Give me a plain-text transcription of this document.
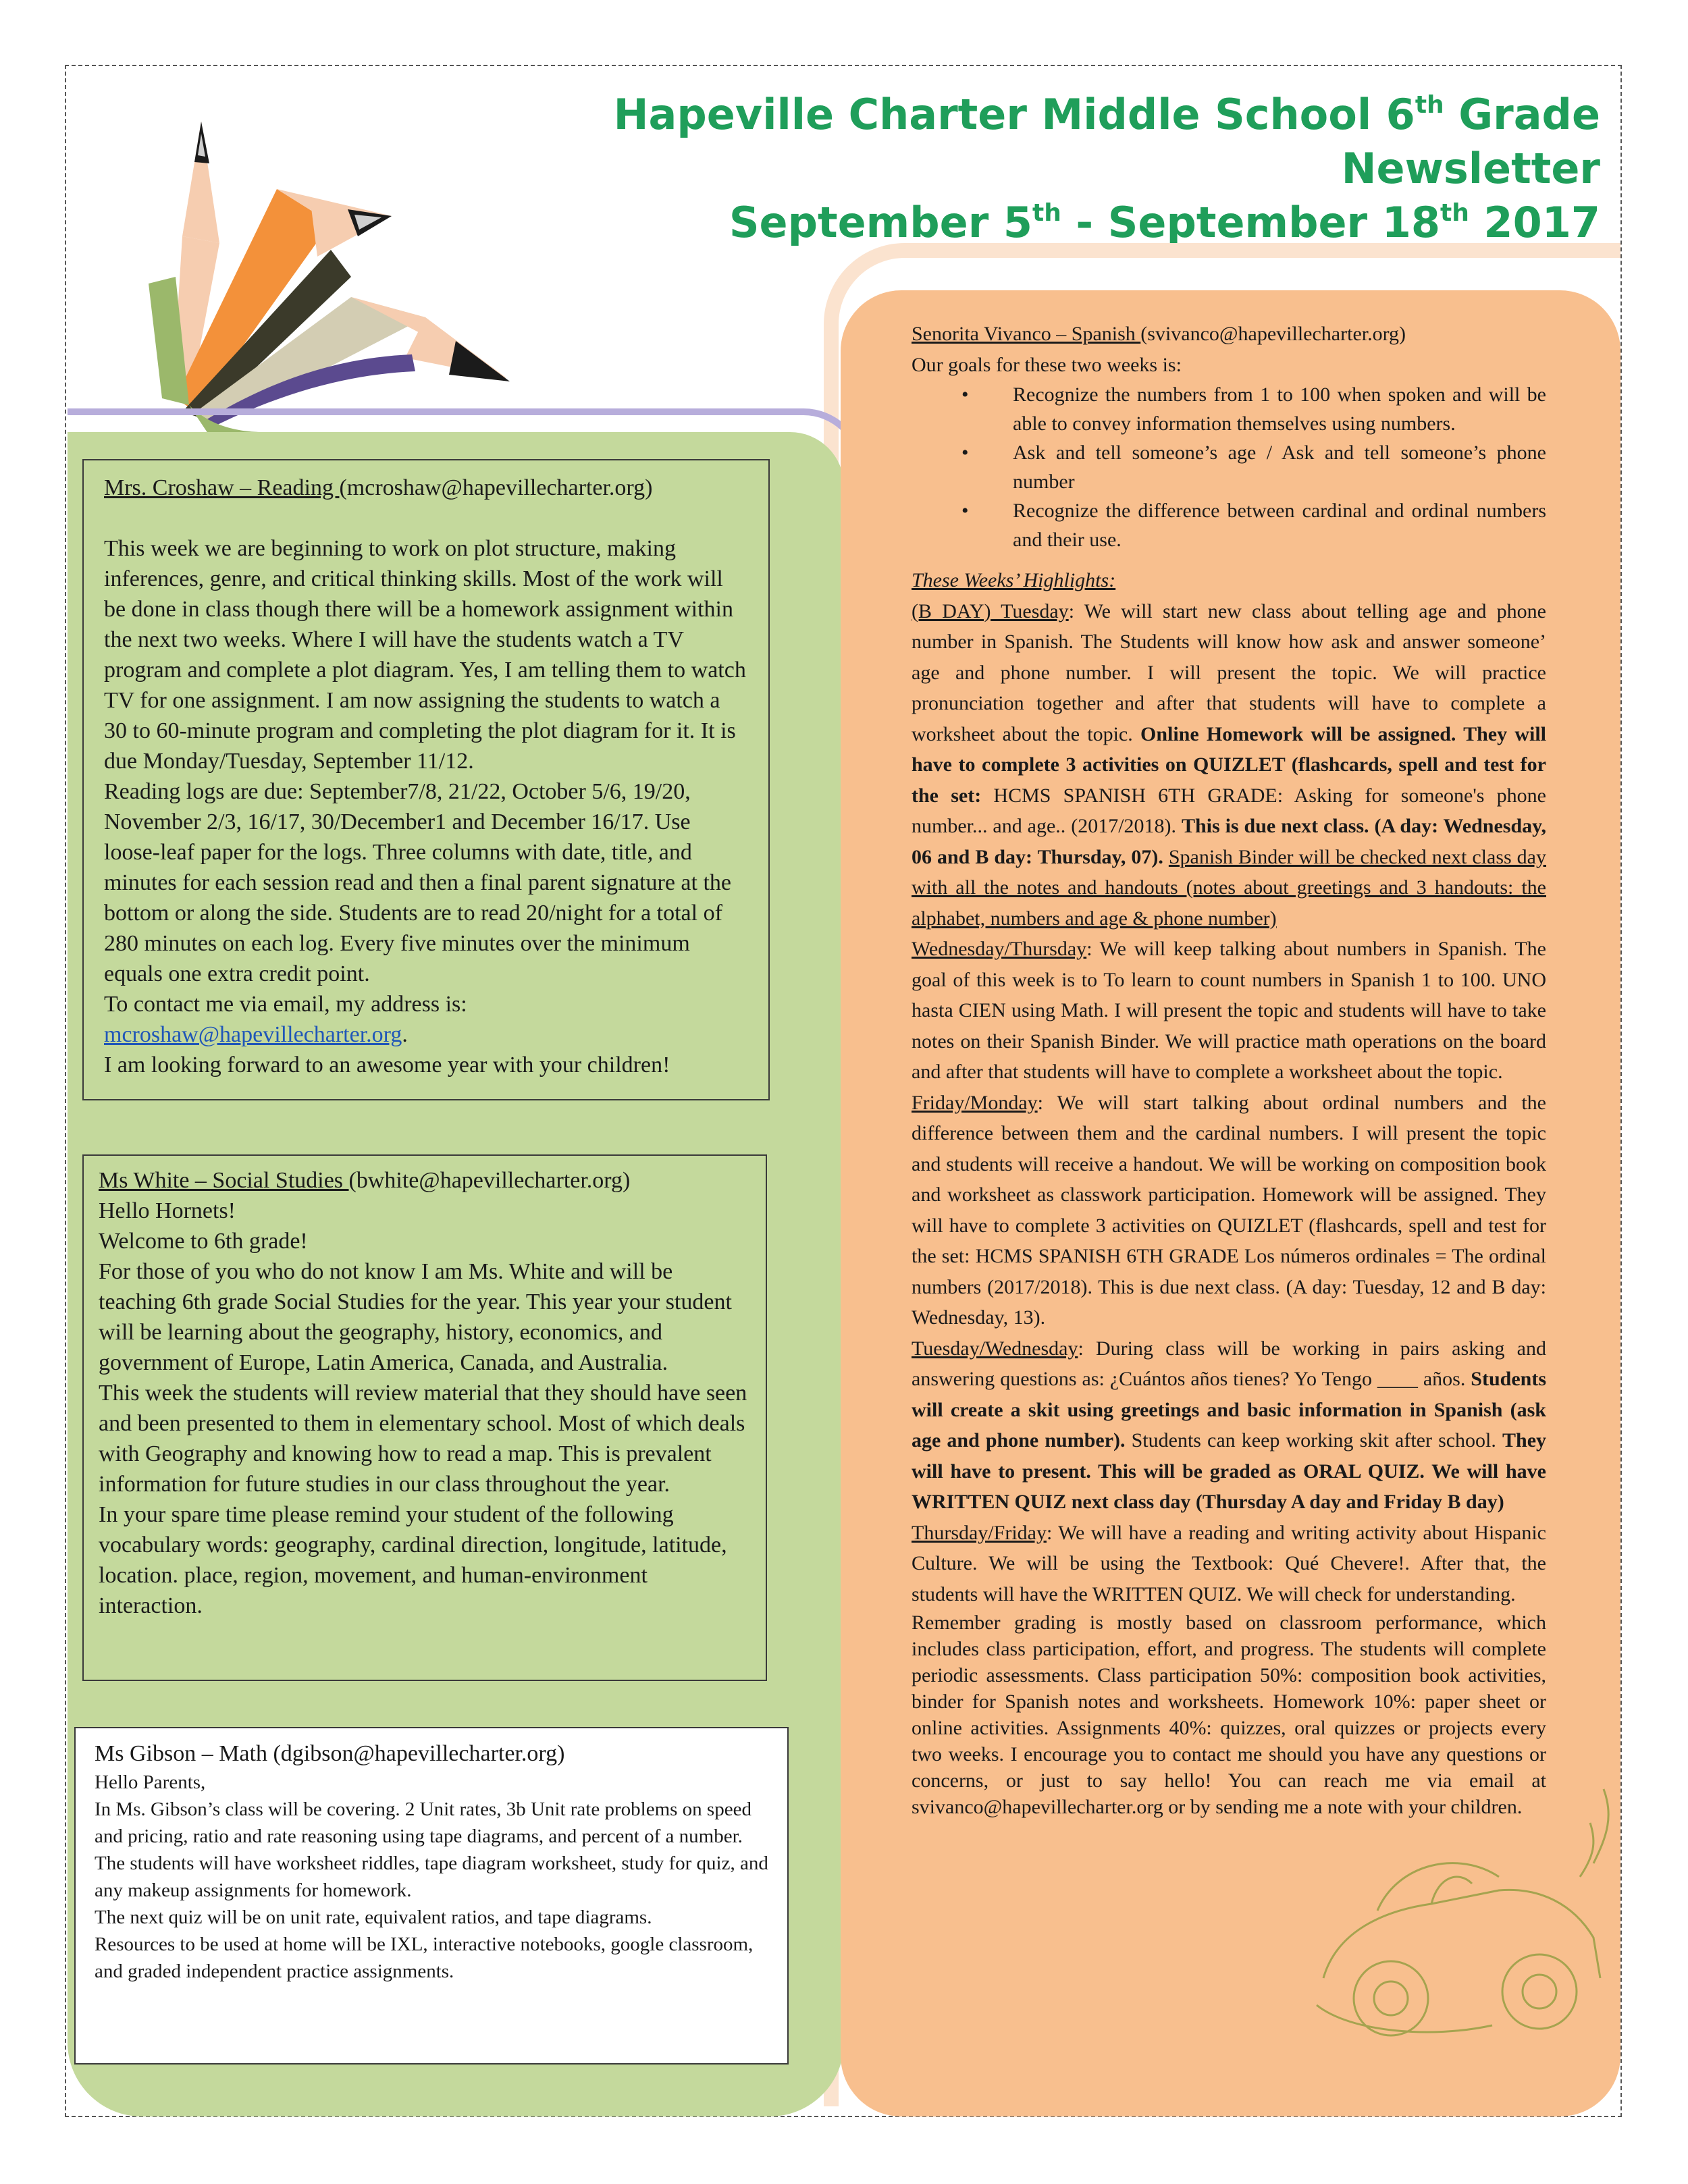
Hapeville Charter Middle School 6th Grade
Newsletter
September 5th - September 18th 2017
Mrs. Croshaw – Reading (mcroshaw@hapevillecharter.org)
This week we are beginning to work on plot structure, making inferences, genre, and critical thinking skills. Most of the work will be done in class though there will be a homework assignment within the next two weeks. Where I will have the students watch a TV program and complete a plot diagram. Yes, I am telling them to watch TV for one assignment. I am now assigning the students to watch a 30 to 60-minute program and completing the plot diagram for it. It is due Monday/Tuesday, September 11/12.
Reading logs are due: September7/8, 21/22, October 5/6, 19/20, November 2/3, 16/17, 30/December1 and December 16/17. Use loose-leaf paper for the logs. Three columns with date, title, and minutes for each session read and then a final parent signature at the bottom or along the side. Students are to read 20/night for a total of 280 minutes on each log. Every five minutes over the minimum equals one extra credit point.
To contact me via email, my address is: mcroshaw@hapevillecharter.org.
I am looking forward to an awesome year with your children!
Ms White – Social Studies (bwhite@hapevillecharter.org)
Hello Hornets!
Welcome to 6th grade!
For those of you who do not know I am Ms. White and will be teaching 6th grade Social Studies for the year. This year your student will be learning about the geography, history, economics, and government of Europe, Latin America, Canada, and Australia.
This week the students will review material that they should have seen and been presented to them in elementary school. Most of which deals with Geography and knowing how to read a map. This is prevalent information for future studies in our class throughout the year.
In your spare time please remind your student of the following vocabulary words: geography, cardinal direction, longitude, latitude, location. place, region, movement, and human-environment interaction.
Ms Gibson – Math (dgibson@hapevillecharter.org)
Hello Parents,
In Ms. Gibson’s class will be covering. 2 Unit rates, 3b Unit rate problems on speed and pricing, ratio and rate reasoning using tape diagrams, and percent of a number.
The students will have worksheet riddles, tape diagram worksheet, study for quiz, and any makeup assignments for homework.
The next quiz will be on unit rate, equivalent ratios, and tape diagrams.
Resources to be used at home will be IXL, interactive notebooks, google classroom, and graded independent practice assignments.

Senorita Vivanco – Spanish (svivanco@hapevillecharter.org)

Our goals for these two weeks is:

• Recognize the numbers from 1 to 100 when spoken and will be able to convey information themselves using numbers.
• Ask and tell someone’s age / Ask and tell someone’s phone number
• Recognize the difference between cardinal and ordinal numbers and their use.

These Weeks’ Highlights:

(B DAY) Tuesday: We will start new class about telling age and phone number in Spanish. The Students will know how ask and answer someone’ age and phone number. I will present the topic. We will practice pronunciation together and after that students will have to complete a worksheet about the topic. Online Homework will be assigned. They will have to complete 3 activities on QUIZLET (flashcards, spell and test for the set: HCMS SPANISH 6TH GRADE: Asking for someone's phone number... and age.. (2017/2018). This is due next class. (A day: Wednesday, 06 and B day: Thursday, 07). Spanish Binder will be checked next class day with all the notes and handouts (notes about greetings and 3 handouts: the alphabet, numbers and age & phone number)

Wednesday/Thursday: We will keep talking about numbers in Spanish. The goal of this week is to To learn to count numbers in Spanish 1 to 100. UNO hasta CIEN using Math. I will present the topic and students will have to take notes on their Spanish Binder. We will practice math operations on the board and after that students will have to complete a worksheet about the topic.

Friday/Monday: We will start talking about ordinal numbers and the difference between them and the cardinal numbers. I will present the topic and students will receive a handout. We will be working on composition book and worksheet as classwork participation. Homework will be assigned. They will have to complete 3 activities on QUIZLET (flashcards, spell and test for the set: HCMS SPANISH 6TH GRADE Los números ordinales = The ordinal numbers (2017/2018). This is due next class. (A day: Tuesday, 12 and B day: Wednesday, 13).

Tuesday/Wednesday: During class will be working in pairs asking and answering questions as: ¿Cuántos años tienes? Yo Tengo ____ años. Students will create a skit using greetings and basic information in Spanish (ask age and phone number). Students can keep working skit after school. They will have to present. This will be graded as ORAL QUIZ. We will have WRITTEN QUIZ next class day (Thursday A day and Friday B day)

Thursday/Friday: We will have a reading and writing activity about Hispanic Culture. We will be using the Textbook: Qué Chevere!. After that, the students will have the WRITTEN QUIZ. We will check for understanding.

Remember grading is mostly based on classroom performance, which includes class participation, effort, and progress. The students will complete periodic assessments. Class participation 50%: composition book activities, binder for Spanish notes and worksheets. Homework 10%: paper sheet or online activities. Assignments 40%: quizzes, oral quizzes or projects every two weeks. I encourage you to contact me should you have any questions or concerns, or just to say hello! You can reach me via email at svivanco@hapevillecharter.org or by sending me a note with your children.
